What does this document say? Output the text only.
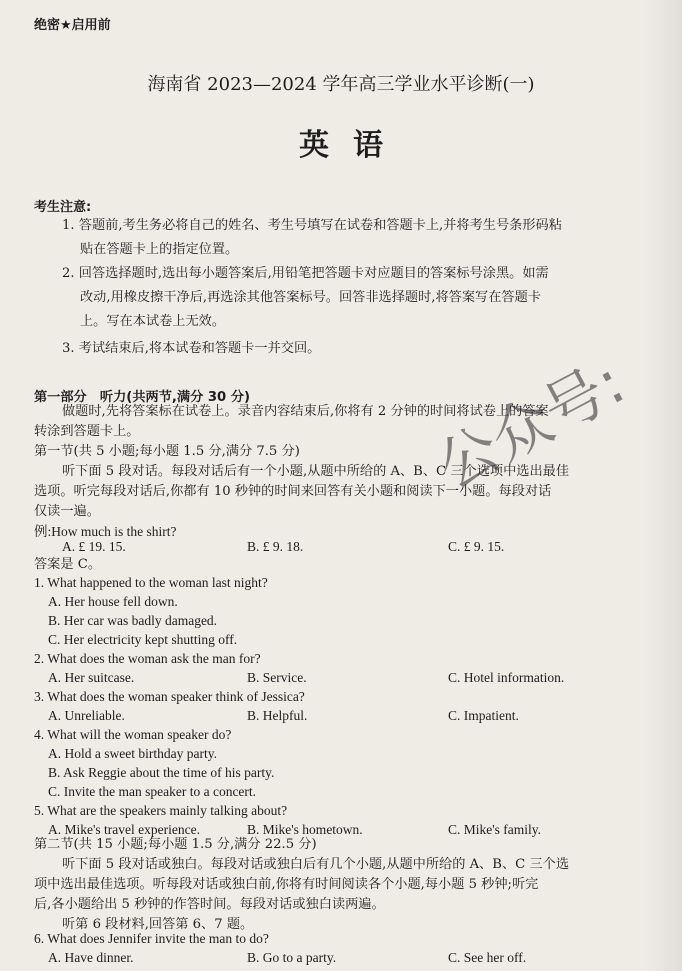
绝密★启用前
海南省 2023—2024 学年高三学业水平诊断(一)
英语
考生注意:
1. 答题前,考生务必将自己的姓名、考生号填写在试卷和答题卡上,并将考生号条形码粘
贴在答题卡上的指定位置。
2. 回答选择题时,选出每小题答案后,用铅笔把答题卡对应题目的答案标号涂黑。如需
改动,用橡皮擦干净后,再选涂其他答案标号。回答非选择题时,将答案写在答题卡
上。写在本试卷上无效。
3. 考试结束后,将本试卷和答题卡一并交回。
第一部分　听力(共两节,满分 30 分)
做题时,先将答案标在试卷上。录音内容结束后,你将有 2 分钟的时间将试卷上的答案
转涂到答题卡上。
第一节(共 5 小题;每小题 1.5 分,满分 7.5 分)
听下面 5 段对话。每段对话后有一个小题,从题中所给的 A、B、C 三个选项中选出最佳
选项。听完每段对话后,你都有 10 秒钟的时间来回答有关小题和阅读下一小题。每段对话
仅读一遍。
例:How much is the shirt?
A. £ 19. 15.	B. £ 9. 18.	C. £ 9. 15.
答案是 C。
1. What happened to the woman last night?
A. Her house fell down.
B. Her car was badly damaged.
C. Her electricity kept shutting off.
2. What does the woman ask the man for?
A. Her suitcase.	B. Service.	C. Hotel information.
3. What does the woman speaker think of Jessica?
A. Unreliable.	B. Helpful.	C. Impatient.
4. What will the woman speaker do?
A. Hold a sweet birthday party.
B. Ask Reggie about the time of his party.
C. Invite the man speaker to a concert.
5. What are the speakers mainly talking about?
A. Mike's travel experience.	B. Mike's hometown.	C. Mike's family.
第二节(共 15 小题;每小题 1.5 分,满分 22.5 分)
听下面 5 段对话或独白。每段对话或独白后有几个小题,从题中所给的 A、B、C 三个选
项中选出最佳选项。听每段对话或独白前,你将有时间阅读各个小题,每小题 5 秒钟;听完
后,各小题给出 5 秒钟的作答时间。每段对话或独白读两遍。
听第 6 段材料,回答第 6、7 题。
6. What does Jennifer invite the man to do?
A. Have dinner.	B. Go to a party.	C. See her off.
公众号:
